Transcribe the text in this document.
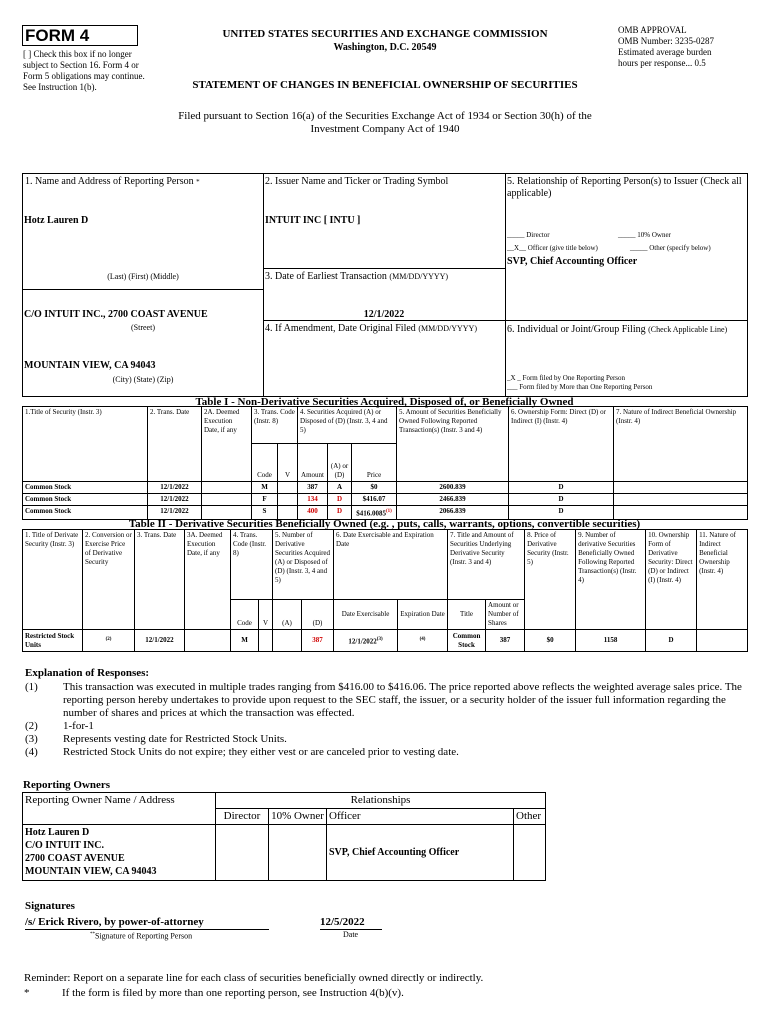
FORM 4
[ ] Check this box if no longer subject to Section 16. Form 4 or Form 5 obligations may continue. See Instruction 1(b).
UNITED STATES SECURITIES AND EXCHANGE COMMISSION
Washington, D.C. 20549
OMB APPROVAL
OMB Number: 3235-0287
Estimated average burden
hours per response... 0.5
STATEMENT OF CHANGES IN BENEFICIAL OWNERSHIP OF SECURITIES
Filed pursuant to Section 16(a) of the Securities Exchange Act of 1934 or Section 30(h) of the
Investment Company Act of 1940
1. Name and Address of Reporting Person *
Hotz Lauren D
(Last) (First) (Middle)
C/O INTUIT INC., 2700 COAST AVENUE
(Street)
MOUNTAIN VIEW, CA 94043
(City) (State) (Zip)
2. Issuer Name and Ticker or Trading Symbol
INTUIT INC [ INTU ]
3. Date of Earliest Transaction (MM/DD/YYYY)
12/1/2022
4. If Amendment, Date Original Filed (MM/DD/YYYY)
5. Relationship of Reporting Person(s) to Issuer (Check all applicable)
_____ Director	_____ 10% Owner
__X__ Officer (give title below)	_____ Other (specify below)
SVP, Chief Accounting Officer
6. Individual or Joint/Group Filing (Check Applicable Line)
_X _ Form filed by One Reporting Person
___ Form filed by More than One Reporting Person
Table I - Non-Derivative Securities Acquired, Disposed of, or Beneficially Owned
1.Title of Security (Instr. 3)	2. Trans. Date	2A. Deemed Execution Date, if any	3. Trans. Code (Instr. 8)		4. Securities Acquired (A) or Disposed of (D) (Instr. 3, 4 and 5)			5. Amount of Securities Beneficially Owned Following Reported Transaction(s) (Instr. 3 and 4)	6. Ownership Form: Direct (D) or Indirect (I) (Instr. 4)	7. Nature of Indirect Beneficial Ownership (Instr. 4)
			Code	V	Amount	(A) or (D)	Price			
Common Stock	12/1/2022		M		387	A	$0	2600.839	D	
Common Stock	12/1/2022		F		134	D	$416.07	2466.839	D	
Common Stock	12/1/2022		S		400	D	$416.0085$^{(1)}$	2066.839	D	
Table II - Derivative Securities Beneficially Owned (e.g. , puts, calls, warrants, options, convertible securities)
1. Title of Derivate Security (Instr. 3)	2. Conversion or Exercise Price of Derivative Security	3. Trans. Date	3A. Deemed Execution Date, if any	4. Trans. Code (Instr. 8)		5. Number of Derivative Securities Acquired (A) or Disposed of (D) (Instr. 3, 4 and 5)		6. Date Exercisable and Expiration Date		7. Title and Amount of Securities Underlying Derivative Security (Instr. 3 and 4)		8. Price of Derivative Security (Instr. 5)	9. Number of derivative Securities Beneficially Owned Following Reported Transaction(s) (Instr. 4)	10. Ownership Form of Derivative Security: Direct (D) or Indirect (I) (Instr. 4)	11. Nature of Indirect Beneficial Ownership (Instr. 4)
				Code	V	(A)	(D)	Date Exercisable	Expiration Date	Title	Amount or Number of Shares				
Restricted Stock Units	$^{(2)}$	12/1/2022		M			387	12/1/2022$^{(3)}$	$^{(4)}$	Common Stock	387	$0	1158	D	
Explanation of Responses:
(1)	This transaction was executed in multiple trades ranging from $416.00 to $416.06. The price reported above reflects the weighted average sales price. The reporting person hereby undertakes to provide upon request to the SEC staff, the issuer, or a security holder of the issuer full information regarding the number of shares and prices at which the transaction was effected.
(2)	1-for-1
(3)	Represents vesting date for Restricted Stock Units.
(4)	Restricted Stock Units do not expire; they either vest or are canceled prior to vesting date.
Reporting Owners
Reporting Owner Name / Address	Relationships			
	Director	10% Owner	Officer	Other

Hotz Lauren D
C/O INTUIT INC.
2700 COAST AVENUE
MOUNTAIN VIEW, CA 94043			SVP, Chief Accounting Officer	
Signatures
/s/ Erick Rivero, by power-of-attorney	12/5/2022
**Signature of Reporting Person	Date
Reminder: Report on a separate line for each class of securities beneficially owned directly or indirectly.
*	If the form is filed by more than one reporting person, see Instruction 4(b)(v).
